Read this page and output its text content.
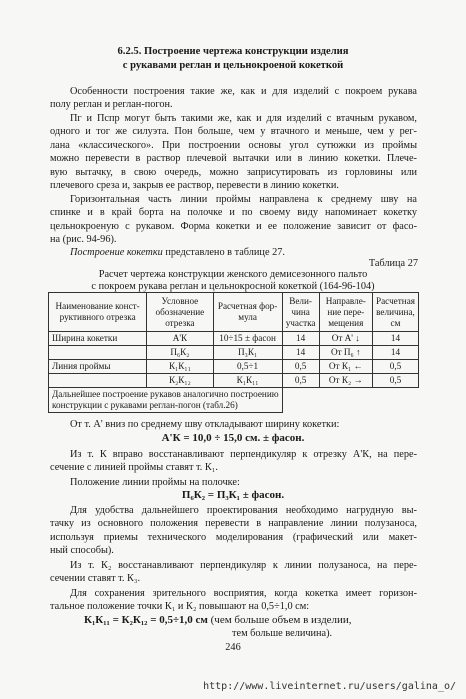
6.2.5. Построение чертежа конструкции изделия
с рукавами реглан и цельнокроеной кокеткой
Особенности построения такие же, как и для изделий с покроем рукава
полу реглан и реглан-погон.
Пг и Пспр могут быть такими же, как и для изделий с втачным рукавом,
одного и тог же силуэта. Пон больше, чем у втачного и меньше, чем у рег-
лана «классического». При построении основы угол сутюжки из проймы
можно перевести в раствор плечевой вытачки или в линию кокетки. Плече-
вую вытачку, в свою очередь, можно заприсутировать из горловины или
плечевого среза и, закрыв ее раствор, перевести в линию кокетки.
Горизонтальная часть линии проймы направлена к среднему шву на
спинке и в край борта на полочке и по своему виду напоминает кокетку
цельнокроеную с рукавом. Форма кокетки и ее положение зависит от фасо-
на (рис. 94-96).
Построение кокетки представлено в таблице 27.
Таблица 27
Расчет чертежа конструкции женского демисезонного пальто
с покроем рукава реглан и цельнокросной кокеткой (164-96-104)
Наименование конст-руктивного отрезка	Условное обозначение отрезка	Расчетная фор-мула	Вели-чина участка	Направле-ние пере-мещения	Расчетная величина, см
Ширина кокетки	А'К	10÷15 ± фасон	14	От А' ↓	14
	П₆К₂	П₃К₁	14	От П₆ ↑	14
Линия проймы	К₁К₁₁	0,5÷1	0,5	От К₁ ←	0,5
	К₂К₁₂	К₁К₁₁	0,5	От К₂ →	0,5
Дальнейшее построение рукавов аналогично построению конструкции с рукавами реглан-погон (табл.26)					
От т. А' вниз по среднему шву откладывают ширину кокетки:
А'К = 10,0 ÷ 15,0 см. ± фасон.
Из т. К вправо восстанавливают перпендикуляр к отрезку А'К, на пере-
сечение с линией проймы ставят т. К₁.
Положение линии проймы на полочке:
П₆К₂ = П₃К₁ ± фасон.
Для удобства дальнейшего проектирования необходимо нагрудную вы-
тачку из основного положения перевести в направление линии полузаноса,
используя приемы технического моделирования (графический или макет-
ный способы).
Из т. К₂ восстанавливают перпендикуляр к линии полузаноса, на пере-
сечении ставят т. К₃.
Для сохранения зрительного восприятия, когда кокетка имеет горизон-
тальное положение точки К₁ и К₂ повышают на 0,5÷1,0 см:
К₁К₁₁ = К₂К₁₂ = 0,5÷1,0 см (чем больше объем в изделии,
тем больше величина).
246
http://www.liveinternet.ru/users/galina_o/
